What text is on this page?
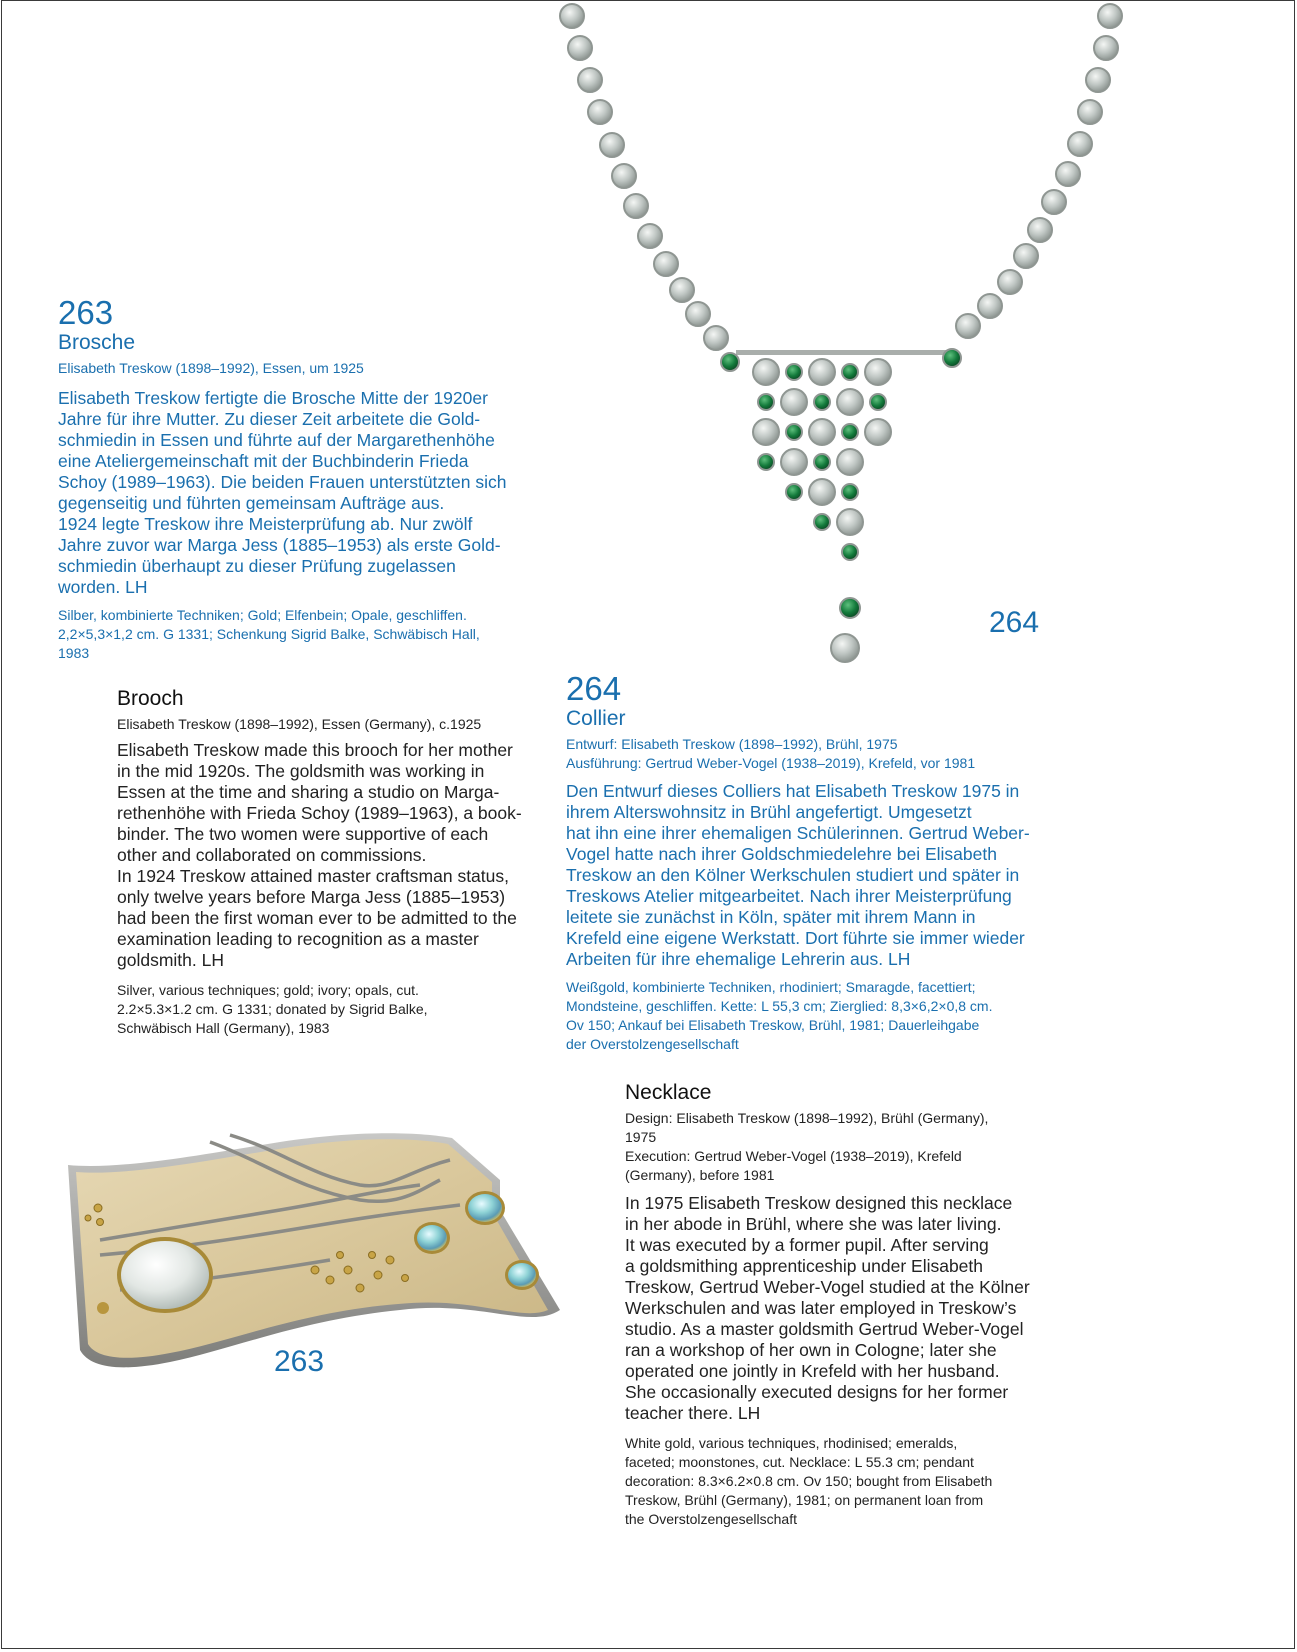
264
263

263

Brosche

Elisabeth Treskow (1898–1992), Essen, um 1925

Elisabeth Treskow fertigte die Brosche Mitte der 1920er
Jahre für ihre Mutter. Zu dieser Zeit arbeitete die Gold-
schmiedin in Essen und führte auf der Margarethenhöhe
eine Ateliergemeinschaft mit der Buchbinderin Frieda
Schoy (1989–1963). Die beiden Frauen unterstützten sich
gegenseitig und führten gemeinsam Aufträge aus.
1924 legte Treskow ihre Meisterprüfung ab. Nur zwölf
Jahre zuvor war Marga Jess (1885–1953) als erste Gold-
schmiedin überhaupt zu dieser Prüfung zugelassen
worden. LH

Silber, kombinierte Techniken; Gold; Elfenbein; Opale, geschliffen.
2,2×5,3×1,2 cm. G 1331; Schenkung Sigrid Balke, Schwäbisch Hall,
1983

Brooch

Elisabeth Treskow (1898–1992), Essen (Germany), c.1925

Elisabeth Treskow made this brooch for her mother
in the mid 1920s. The goldsmith was working in
Essen at the time and sharing a studio on Marga-
rethenhöhe with Frieda Schoy (1989–1963), a book-
binder. The two women were supportive of each
other and collaborated on commissions.
In 1924 Treskow attained master craftsman status,
only twelve years before Marga Jess (1885–1953)
had been the first woman ever to be admitted to the
examination leading to recognition as a master
goldsmith. LH

Silver, various techniques; gold; ivory; opals, cut.
2.2×5.3×1.2 cm. G 1331; donated by Sigrid Balke,
Schwäbisch Hall (Germany), 1983

264

Collier

Entwurf: Elisabeth Treskow (1898–1992), Brühl, 1975
Ausführung: Gertrud Weber-Vogel (1938–2019), Krefeld, vor 1981

Den Entwurf dieses Colliers hat Elisabeth Treskow 1975 in
ihrem Alterswohnsitz in Brühl angefertigt. Umgesetzt
hat ihn eine ihrer ehemaligen Schülerinnen. Gertrud Weber-
Vogel hatte nach ihrer Goldschmiedelehre bei Elisabeth
Treskow an den Kölner Werkschulen studiert und später in
Treskows Atelier mitgearbeitet. Nach ihrer Meisterprüfung
leitete sie zunächst in Köln, später mit ihrem Mann in
Krefeld eine eigene Werkstatt. Dort führte sie immer wieder
Arbeiten für ihre ehemalige Lehrerin aus. LH

Weißgold, kombinierte Techniken, rhodiniert; Smaragde, facettiert;
Mondsteine, geschliffen. Kette: L 55,3 cm; Zierglied: 8,3×6,2×0,8 cm.
Ov 150; Ankauf bei Elisabeth Treskow, Brühl, 1981; Dauerleihgabe
der Overstolzengesellschaft

Necklace

Design: Elisabeth Treskow (1898–1992), Brühl (Germany),
1975
Execution: Gertrud Weber-Vogel (1938–2019), Krefeld
(Germany), before 1981

In 1975 Elisabeth Treskow designed this necklace
in her abode in Brühl, where she was later living.
It was executed by a former pupil. After serving
a goldsmithing apprenticeship under Elisabeth
Treskow, Gertrud Weber-Vogel studied at the Kölner
Werkschulen and was later employed in Treskow’s
studio. As a master goldsmith Gertrud Weber-Vogel
ran a workshop of her own in Cologne; later she
operated one jointly in Krefeld with her husband.
She occasionally executed designs for her former
teacher there. LH

White gold, various techniques, rhodinised; emeralds,
faceted; moonstones, cut. Necklace: L 55.3 cm; pendant
decoration: 8.3×6.2×0.8 cm. Ov 150; bought from Elisabeth
Treskow, Brühl (Germany), 1981; on permanent loan from
the Overstolzengesellschaft
